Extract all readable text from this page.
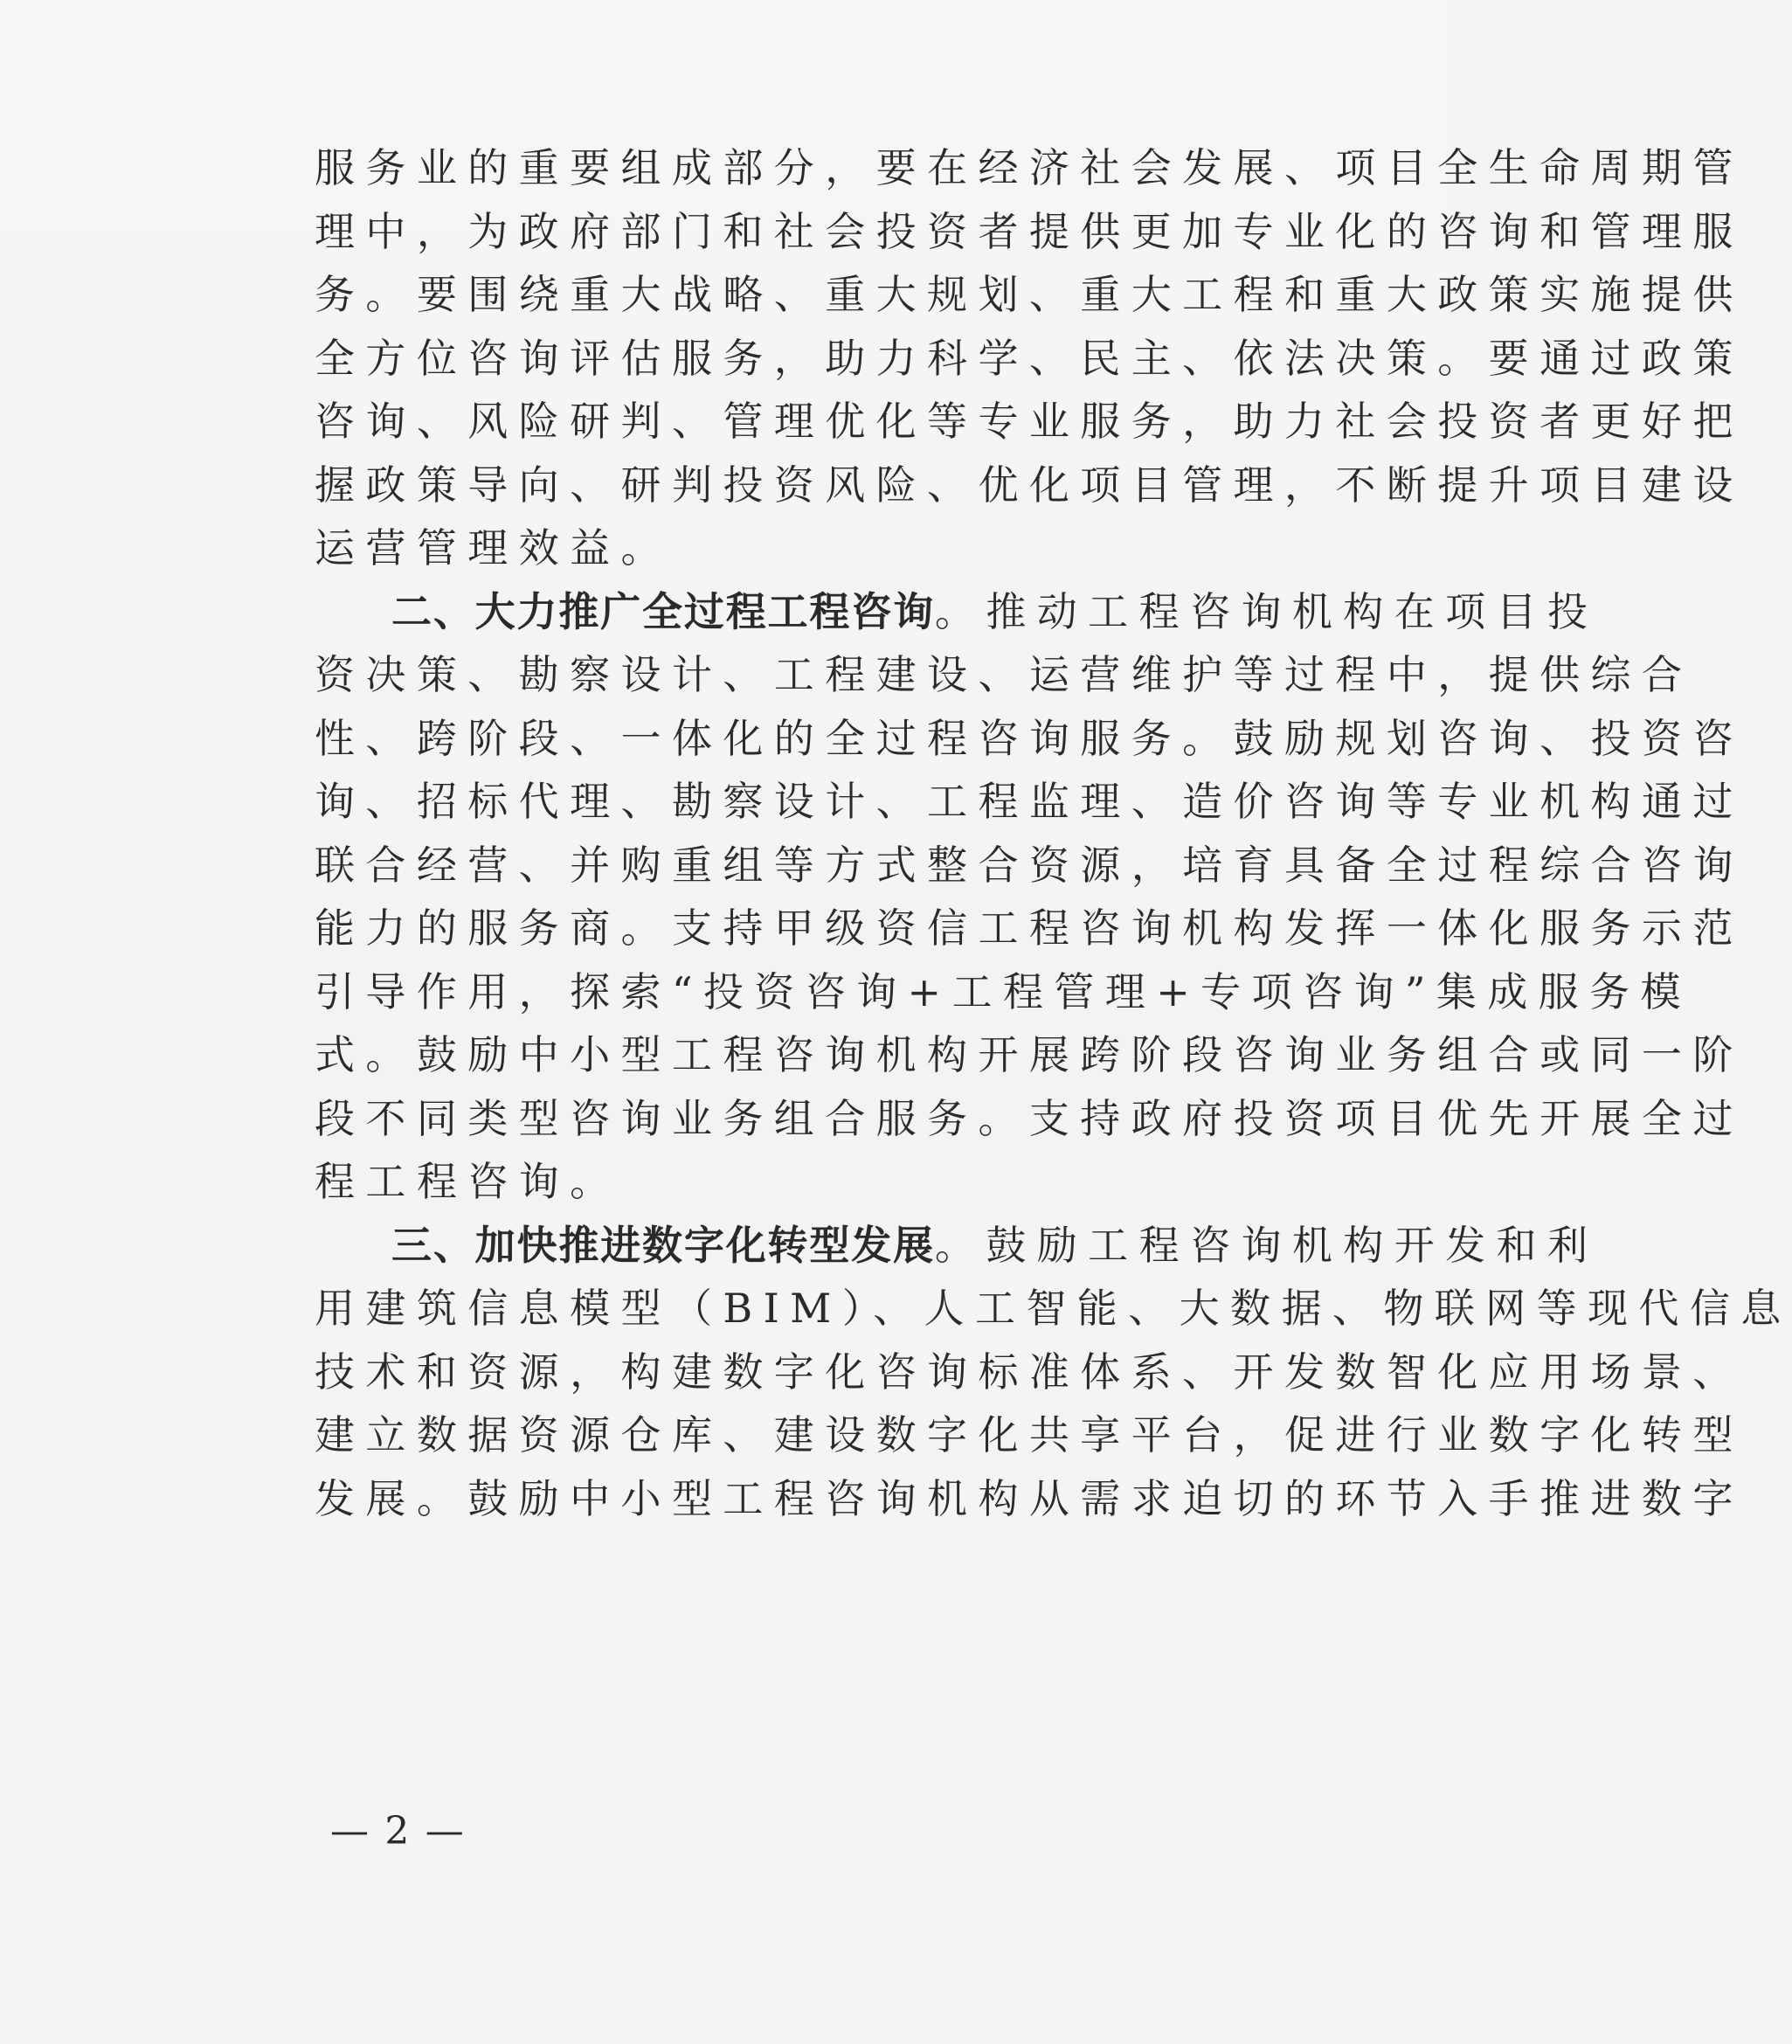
服务业的重要组成部分，要在经济社会发展、项目全生命周期管
理中，为政府部门和社会投资者提供更加专业化的咨询和管理服
务。要围绕重大战略、重大规划、重大工程和重大政策实施提供
全方位咨询评估服务，助力科学、民主、依法决策。要通过政策
咨询、风险研判、管理优化等专业服务，助力社会投资者更好把
握政策导向、研判投资风险、优化项目管理，不断提升项目建设
运营管理效益。
二、大力推广全过程工程咨询。推动工程咨询机构在项目投
资决策、勘察设计、工程建设、运营维护等过程中，提供综合
性、跨阶段、一体化的全过程咨询服务。鼓励规划咨询、投资咨
询、招标代理、勘察设计、工程监理、造价咨询等专业机构通过
联合经营、并购重组等方式整合资源，培育具备全过程综合咨询
能力的服务商。支持甲级资信工程咨询机构发挥一体化服务示范
引导作用，探索“投资咨询+工程管理+专项咨询”集成服务模
式。鼓励中小型工程咨询机构开展跨阶段咨询业务组合或同一阶
段不同类型咨询业务组合服务。支持政府投资项目优先开展全过
程工程咨询。
三、加快推进数字化转型发展。鼓励工程咨询机构开发和利
用建筑信息模型（BIM）、人工智能、大数据、物联网等现代信息
技术和资源，构建数字化咨询标准体系、开发数智化应用场景、
建立数据资源仓库、建设数字化共享平台，促进行业数字化转型
发展。鼓励中小型工程咨询机构从需求迫切的环节入手推进数字
— 2 —
